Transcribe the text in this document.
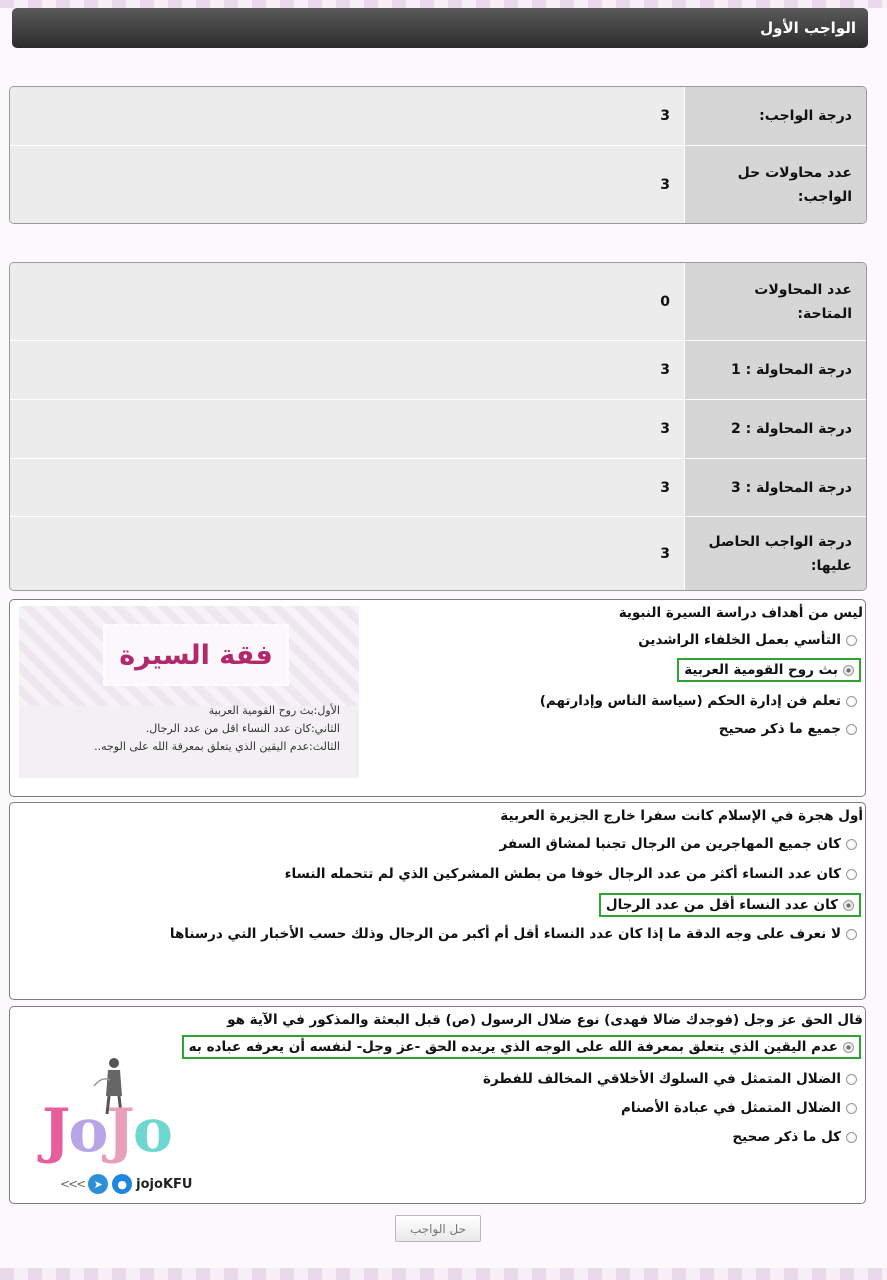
الواجب الأول
درجة الواجب:	3
عدد محاولات حل الواجب:	3
عدد المحاولات المتاحة:	0
درجة المحاولة : 1	3
درجة المحاولة : 2	3
درجة المحاولة : 3	3
درجة الواجب الحاصل عليها:	3
ليس من أهداف دراسة السيرة النبوية
التأسي بعمل الخلفاء الراشدين
بث روح القومية العربية
تعلم فن إدارة الحكم (سياسة الناس وإدارتهم)
جميع ما ذكر صحيح
فقة السيرة
الأول:بث روح القومية العربية
الثاني:كان عدد النساء اقل من عدد الرجال.
الثالث:عدم اليقين الذي يتعلق بمعرفة الله على الوجه..
أول هجرة في الإسلام كانت سفرا خارج الجزيرة العربية
كان جميع المهاجرين من الرجال تجنبا لمشاق السفر
كان عدد النساء أكثر من عدد الرجال خوفا من بطش المشركين الذي لم تتحمله النساء
كان عدد النساء أقل من عدد الرجال
لا نعرف على وجه الدقة ما إذا كان عدد النساء أقل أم أكبر من الرجال وذلك حسب الأخبار التي درسناها
قال الحق عز وجل (فوجدك ضالا فهدى) نوع ضلال الرسول (ص) قبل البعثة والمذكور في الآية هو
عدم اليقين الذي يتعلق بمعرفة الله على الوجه الذي يريده الحق -عز وجل- لنفسه أن يعرفه عباده به
الضلال المتمثل في السلوك الأخلاقي المخالف للفطرة
الضلال المتمثل في عبادة الأصنام
كل ما ذكر صحيح
JoJo
<<< ➤	● jojoKFU
حل الواجب
